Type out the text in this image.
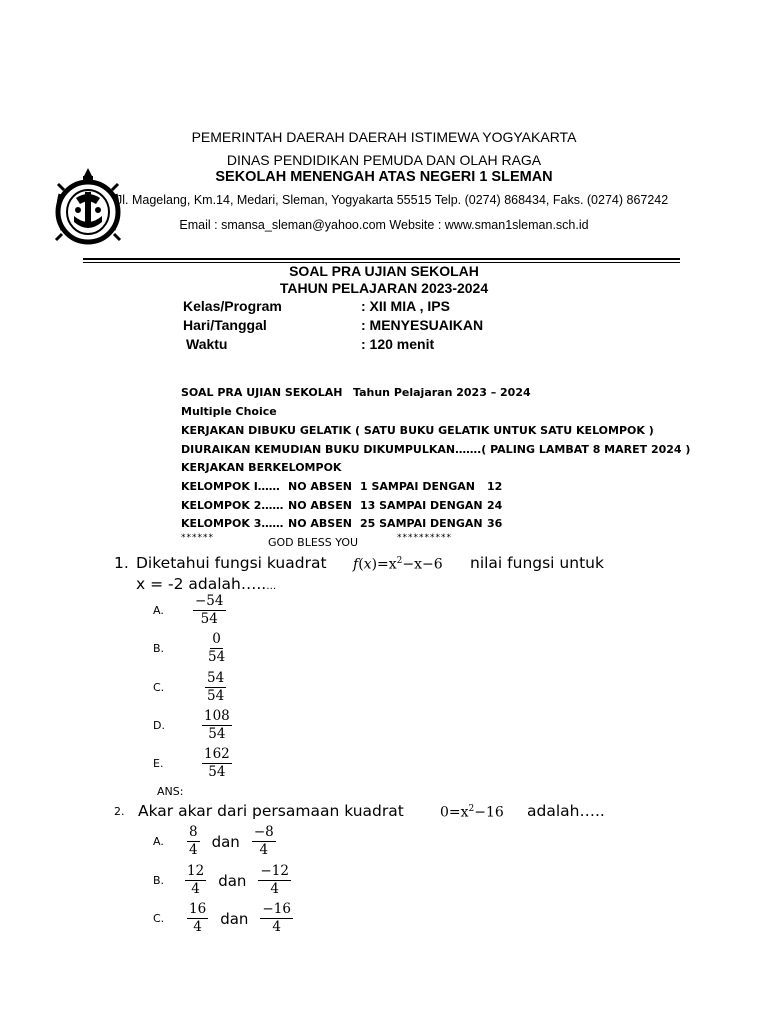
PEMERINTAH DAERAH DAERAH ISTIMEWA YOGYAKARTA
DINAS PENDIDIKAN PEMUDA DAN OLAH RAGA
SEKOLAH MENENGAH ATAS NEGERI 1 SLEMAN
Jl. Magelang, Km.14, Medari, Sleman, Yogyakarta 55515 Telp. (0274) 868434, Faks. (0274) 867242
Email : smansa_sleman@yahoo.com Website : www.sman1sleman.sch.id
SOAL PRA UJIAN SEKOLAH
TAHUN PELAJARAN 2023-2024
Kelas/Program	: XII MIA , IPS
Hari/Tanggal	: MENYESUAIKAN
Waktu	: 120 menit
SOAL PRA UJIAN SEKOLAH Tahun Pelajaran 2023 – 2024
Multiple Choice
KERJAKAN DIBUKU GELATIK ( SATU BUKU GELATIK UNTUK SATU KELOMPOK )
DIURAIKAN KEMUDIAN BUKU DIKUMPULKAN…….( PALING LAMBAT 8 MARET 2024 )
KERJAKAN BERKELOMPOK
KELOMPOK I…… NO ABSEN 1 SAMPAI DENGAN 12
KELOMPOK 2…… NO ABSEN 13 SAMPAI DENGAN 24
KELOMPOK 3…… NO ABSEN 25 SAMPAI DENGAN 36
******	GOD BLESS YOU	**********
1. Diketahui fungsi kuadrat $f(x)=x^2-x-6$ nilai fungsi untuk
x = -2 adalah…..…
A. $\frac{-54}{54}$
B.	$\frac{0}{54}$
C.	$\frac{54}{54}$
D.	$\frac{108}{54}$
E.	$\frac{162}{54}$
ANS:
2. Akar akar dari persamaan kuadrat	$0=x^2-16$ adalah…..
A. $\frac{8}{4}$ dan $\frac{-8}{4}$
B. $\frac{12}{4}$ dan $\frac{-12}{4}$
C. $\frac{16}{4}$ dan $\frac{-16}{4}$
